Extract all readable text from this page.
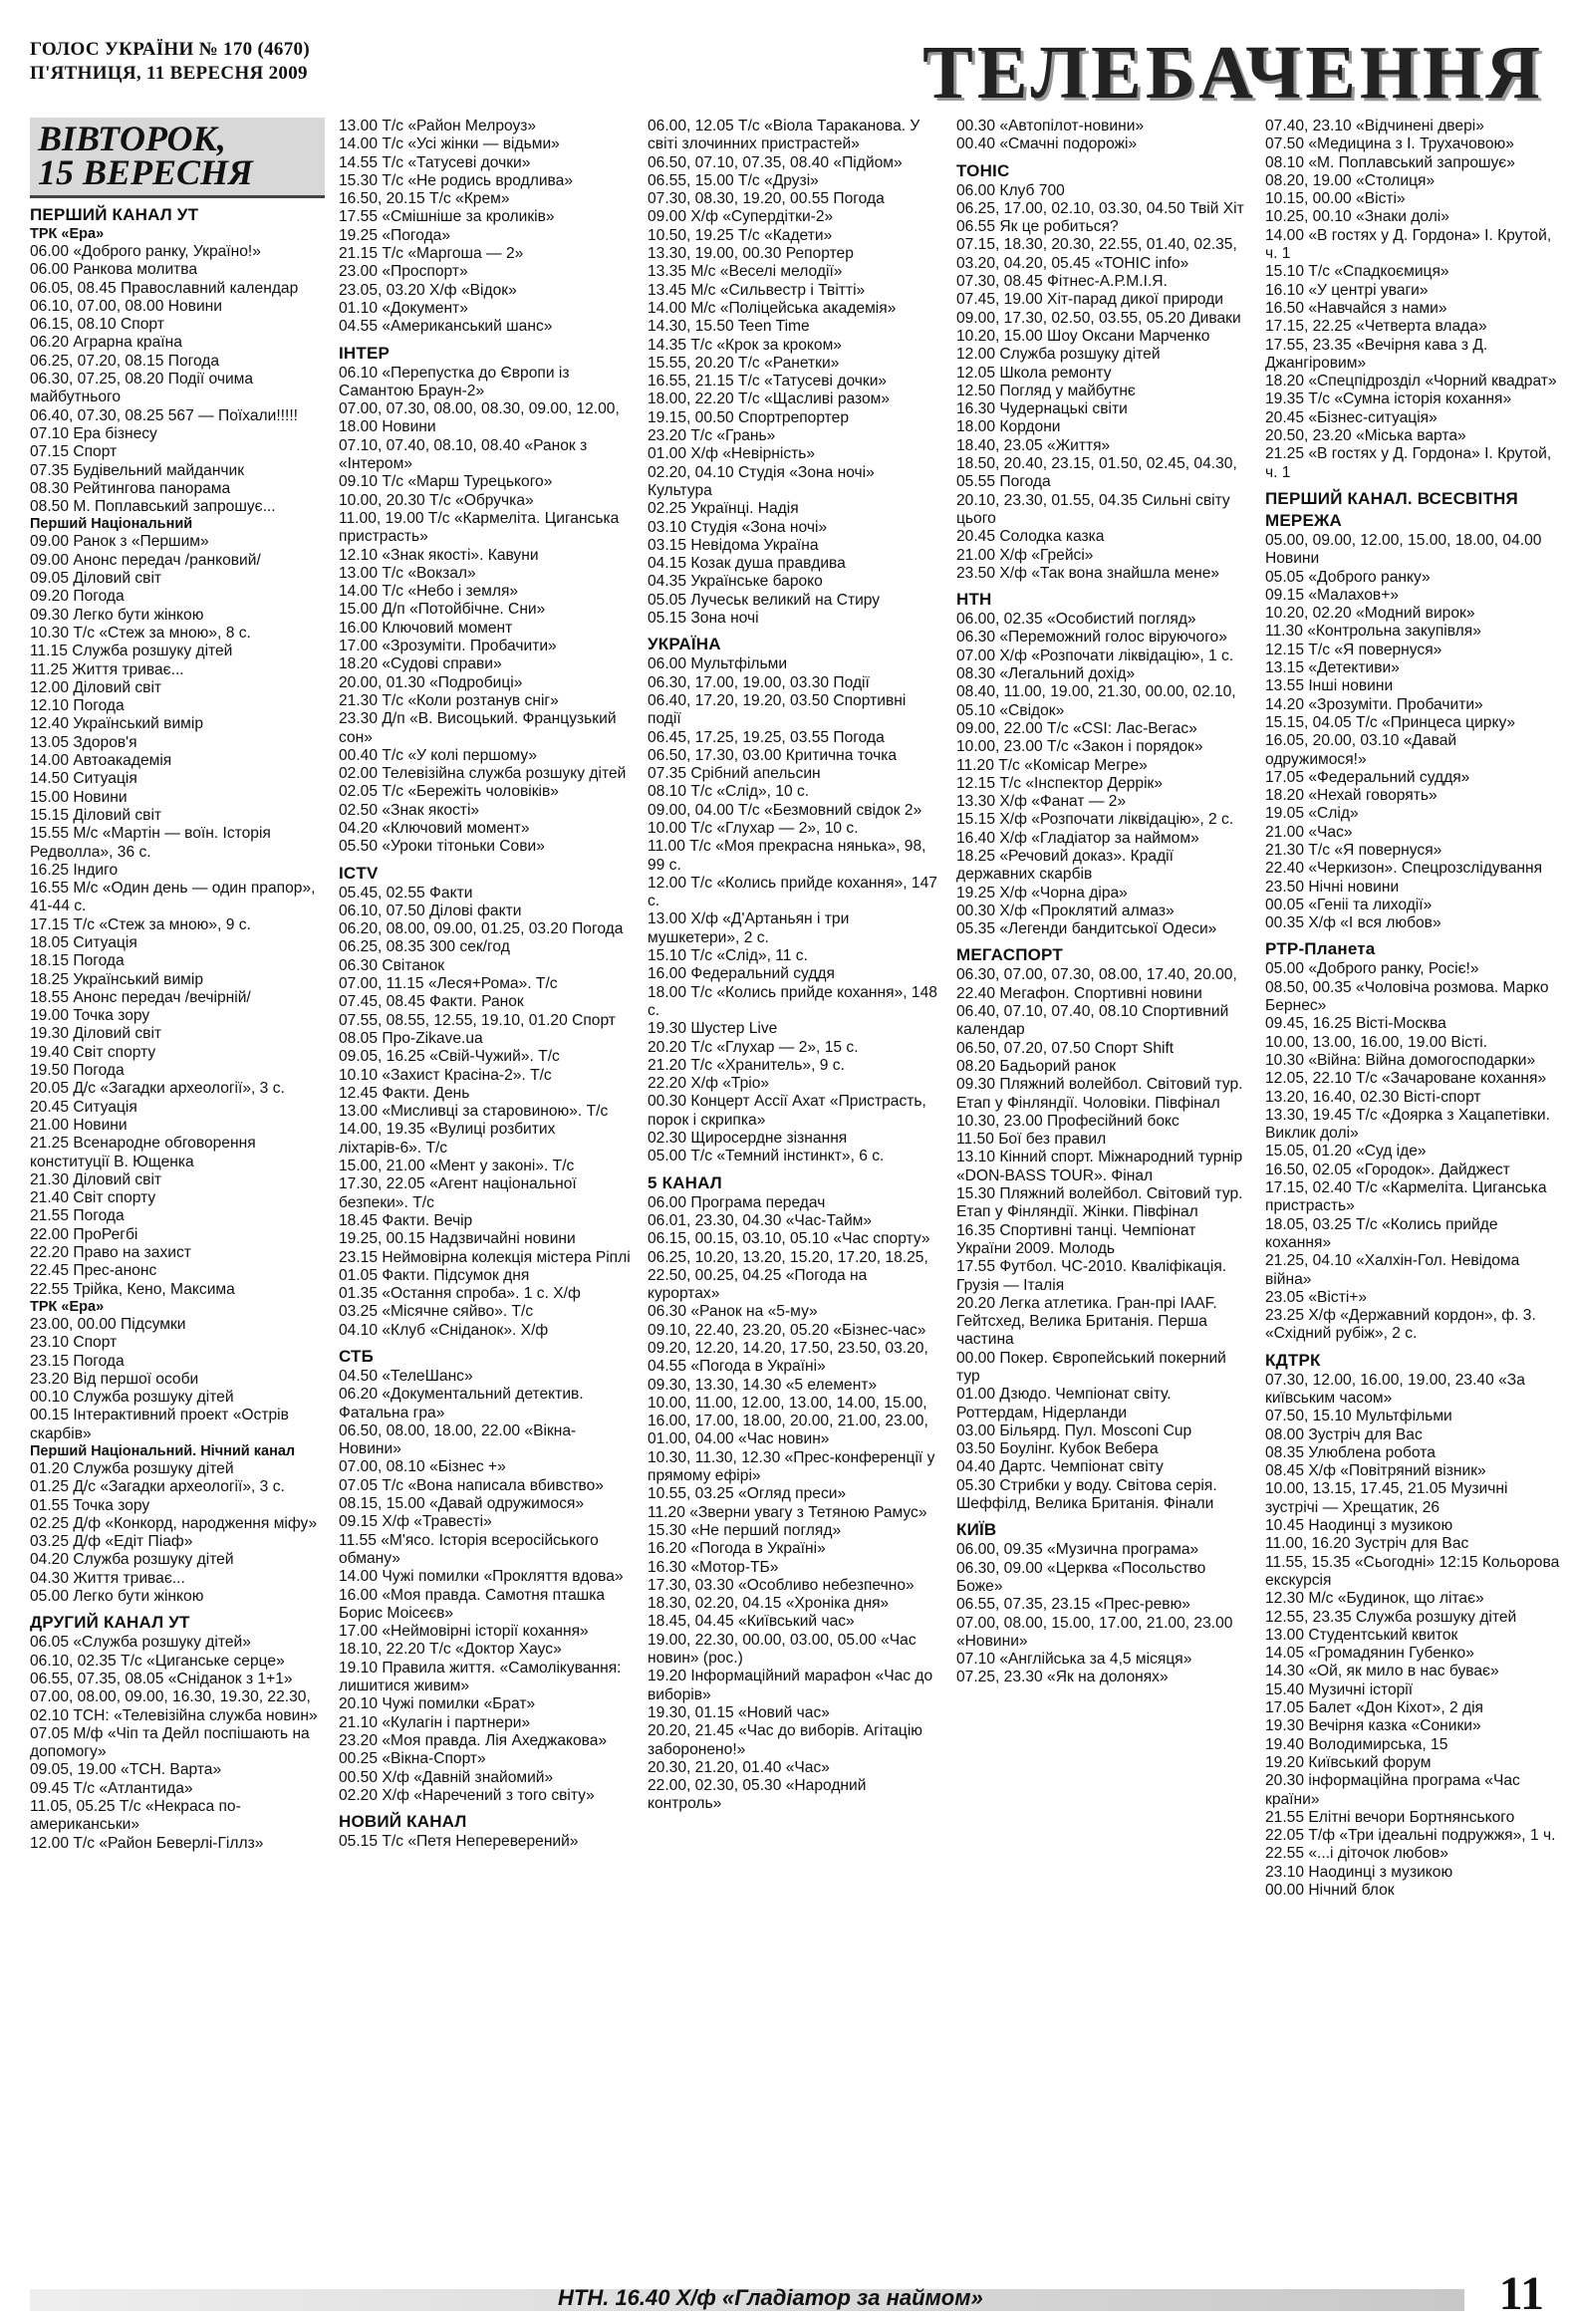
ГОЛОС УКРАЇНИ № 170 (4670)
П'ЯТНИЦЯ, 11 ВЕРЕСНЯ 2009	ТЕЛЕБАЧЕННЯ
ВІВТОРОК,
15 ВЕРЕСНЯ
ПЕРШИЙ КАНАЛ УТ
ТРК «Ера»
06.00 «Доброго ранку, Україно!»
06.00 Ранкова молитва
06.05, 08.45 Православний календар
06.10, 07.00, 08.00 Новини
06.15, 08.10 Спорт
06.20 Аграрна країна
06.25, 07.20, 08.15 Погода
06.30, 07.25, 08.20 Події очима майбутнього
06.40, 07.30, 08.25 567 — Поїхали!!!!!
07.10 Ера бізнесу
07.15 Спорт
07.35 Будівельний майданчик
08.30 Рейтингова панорама
08.50 М. Поплавський запрошує...
Перший Національний
09.00 Ранок з «Першим»
09.00 Анонс передач /ранковий/
09.05 Діловий світ
09.20 Погода
09.30 Легко бути жінкою
10.30 Т/с «Стеж за мною», 8 с.
11.15 Служба розшуку дітей
11.25 Життя триває...
12.00 Діловий світ
12.10 Погода
12.40 Український вимір
13.05 Здоров'я
14.00 Автоакадемія
14.50 Ситуація
15.00 Новини
15.15 Діловий світ
15.55 М/с «Мартін — воїн. Історія Редволла», 36 с.
16.25 Індиго
16.55 М/с «Один день — один прапор», 41-44 с.
17.15 Т/с «Стеж за мною», 9 с.
18.05 Ситуація
18.15 Погода
18.25 Український вимір
18.55 Анонс передач /вечірній/
19.00 Точка зору
19.30 Діловий світ
19.40 Світ спорту
19.50 Погода
20.05 Д/с «Загадки археології», 3 с.
20.45 Ситуація
21.00 Новини
21.25 Всенародне обговорення конституції В. Ющенка
21.30 Діловий світ
21.40 Світ спорту
21.55 Погода
22.00 ПроРегбі
22.20 Право на захист
22.45 Прес-анонс
22.55 Трійка, Кено, Максима
ТРК «Ера»
23.00, 00.00 Підсумки
23.10 Спорт
23.15 Погода
23.20 Від першої особи
00.10 Служба розшуку дітей
00.15 Інтерактивний проект «Острів скарбів»
Перший Національний. Нічний канал
01.20 Служба розшуку дітей
01.25 Д/с «Загадки археології», 3 с.
01.55 Точка зору
02.25 Д/ф «Конкорд, народження міфу»
03.25 Д/ф «Едіт Піаф»
04.20 Служба розшуку дітей
04.30 Життя триває...
05.00 Легко бути жінкою
ДРУГИЙ КАНАЛ УТ
06.05 «Служба розшуку дітей»
06.10, 02.35 Т/с «Циганське серце»
06.55, 07.35, 08.05 «Сніданок з 1+1»
07.00, 08.00, 09.00, 16.30, 19.30, 22.30, 02.10 ТСН: «Телевізійна служба новин»
07.05 М/ф «Чіп та Дейл поспішають на допомогу»
09.05, 19.00 «ТСН. Варта»
09.45 Т/с «Атлантида»
11.05, 05.25 Т/с «Некраса по-американськи»
12.00 Т/с «Район Беверлі-Гіллз»
13.00 Т/с «Район Мелроуз»
14.00 Т/с «Усі жінки — відьми»
14.55 Т/с «Татусеві дочки»
15.30 Т/с «Не родись вродлива»
16.50, 20.15 Т/с «Крем»
17.55 «Смішніше за кроликів»
19.25 «Погода»
21.15 Т/с «Маргоша — 2»
23.00 «Проспорт»
23.05, 03.20 Х/ф «Відок»
01.10 «Документ»
04.55 «Американський шанс»
ІНТЕР
06.10 «Перепустка до Європи із Самантою Браун-2»
07.00, 07.30, 08.00, 08.30, 09.00, 12.00, 18.00 Новини
07.10, 07.40, 08.10, 08.40 «Ранок з «Інтером»
09.10 Т/с «Марш Турецького»
10.00, 20.30 Т/с «Обручка»
11.00, 19.00 Т/с «Кармеліта. Циганська пристрасть»
12.10 «Знак якості». Кавуни
13.00 Т/с «Вокзал»
14.00 Т/с «Небо і земля»
15.00 Д/п «Потойбічне. Сни»
16.00 Ключовий момент
17.00 «Зрозуміти. Пробачити»
18.20 «Судові справи»
20.00, 01.30 «Подробиці»
21.30 Т/с «Коли розтанув сніг»
23.30 Д/п «В. Висоцький. Французький сон»
00.40 Т/с «У колі першому»
02.00 Телевізійна служба розшуку дітей
02.05 Т/с «Бережіть чоловіків»
02.50 «Знак якості»
04.20 «Ключовий момент»
05.50 «Уроки тітоньки Сови»
ICTV
05.45, 02.55 Факти
06.10, 07.50 Ділові факти
06.20, 08.00, 09.00, 01.25, 03.20 Погода
06.25, 08.35 300 сек/год
06.30 Світанок
07.00, 11.15 «Леся+Рома». Т/с
07.45, 08.45 Факти. Ранок
07.55, 08.55, 12.55, 19.10, 01.20 Спорт
08.05 Про-Zikave.ua
09.05, 16.25 «Свій-Чужий». Т/с
10.10 «Захист Красіна-2». Т/с
12.45 Факти. День
13.00 «Мисливці за старовиною». Т/с
14.00, 19.35 «Вулиці розбитих ліхтарів-6». Т/с
15.00, 21.00 «Мент у законі». Т/с
17.30, 22.05 «Агент національної безпеки». Т/с
18.45 Факти. Вечір
19.25, 00.15 Надзвичайні новини
23.15 Неймовірна колекція містера Ріплі
01.05 Факти. Підсумок дня
01.35 «Остання спроба». 1 с. Х/ф
03.25 «Місячне сяйво». Т/с
04.10 «Клуб «Сніданок». Х/ф
СТБ
04.50 «ТелеШанс»
06.20 «Документальний детектив. Фатальна гра»
06.50, 08.00, 18.00, 22.00 «Вікна-Новини»
07.00, 08.10 «Бізнес +»
07.05 Т/с «Вона написала вбивство»
08.15, 15.00 «Давай одружимося»
09.15 Х/ф «Травесті»
11.55 «М'ясо. Історія всеросійського обману»
14.00 Чужі помилки «Прокляття вдова»
16.00 «Моя правда. Самотня пташка Борис Моісеєв»
17.00 «Неймовірні історії кохання»
18.10, 22.20 Т/с «Доктор Хаус»
19.10 Правила життя. «Самолікування: лишитися живим»
20.10 Чужі помилки «Брат»
21.10 «Кулагін і партнери»
23.20 «Моя правда. Лія Ахеджакова»
00.25 «Вікна-Спорт»
00.50 Х/ф «Давній знайомий»
02.20 Х/ф «Наречений з того світу»
НОВИЙ КАНАЛ
05.15 Т/с «Петя Непереверений»
06.00, 12.05 Т/с «Віола Тараканова. У світі злочинних пристрастей»
06.50, 07.10, 07.35, 08.40 «Підйом»
06.55, 15.00 Т/с «Друзі»
07.30, 08.30, 19.20, 00.55 Погода
09.00 Х/ф «Супердітки-2»
10.50, 19.25 Т/с «Кадети»
13.30, 19.00, 00.30 Репортер
13.35 М/с «Веселі мелодії»
13.45 М/с «Сильвестр і Твітті»
14.00 М/с «Поліцейська академія»
14.30, 15.50 Teen Time
14.35 Т/с «Крок за кроком»
15.55, 20.20 Т/с «Ранетки»
16.55, 21.15 Т/с «Татусеві дочки»
18.00, 22.20 Т/с «Щасливі разом»
19.15, 00.50 Спортрепортер
23.20 Т/с «Грань»
01.00 Х/ф «Невірність»
02.20, 04.10 Студія «Зона ночі» Культура
02.25 Українці. Надія
03.10 Студія «Зона ночі»
03.15 Невідома Україна
04.15 Козак душа правдива
04.35 Українське бароко
05.05 Лучеськ великий на Стиру
05.15 Зона ночі
УКРАЇНА
06.00 Мультфільми
06.30, 17.00, 19.00, 03.30 Події
06.40, 17.20, 19.20, 03.50 Спортивні події
06.45, 17.25, 19.25, 03.55 Погода
06.50, 17.30, 03.00 Критична точка
07.35 Срібний апельсин
08.10 Т/с «Слід», 10 с.
09.00, 04.00 Т/с «Безмовний свідок 2»
10.00 Т/с «Глухар — 2», 10 с.
11.00 Т/с «Моя прекрасна нянька», 98, 99 с.
12.00 Т/с «Колись прийде кохання», 147 с.
13.00 Х/ф «Д'Артаньян і три мушкетери», 2 с.
15.10 Т/с «Слід», 11 с.
16.00 Федеральний суддя
18.00 Т/с «Колись прийде кохання», 148 с.
19.30 Шустер Live
20.20 Т/с «Глухар — 2», 15 с.
21.20 Т/с «Хранитель», 9 с.
22.20 Х/ф «Тріо»
00.30 Концерт Ассії Ахат «Пристрасть, порок і скрипка»
02.30 Щиросердне зізнання
05.00 Т/с «Темний інстинкт», 6 с.
5 КАНАЛ
06.00 Програма передач
06.01, 23.30, 04.30 «Час-Тайм»
06.15, 00.15, 03.10, 05.10 «Час спорту»
06.25, 10.20, 13.20, 15.20, 17.20, 18.25, 22.50, 00.25, 04.25 «Погода на курортах»
06.30 «Ранок на «5-му»
09.10, 22.40, 23.20, 05.20 «Бізнес-час»
09.20, 12.20, 14.20, 17.50, 23.50, 03.20, 04.55 «Погода в Україні»
09.30, 13.30, 14.30 «5 елемент»
10.00, 11.00, 12.00, 13.00, 14.00, 15.00, 16.00, 17.00, 18.00, 20.00, 21.00, 23.00, 01.00, 04.00 «Час новин»
10.30, 11.30, 12.30 «Прес-конференції у прямому ефірі»
10.55, 03.25 «Огляд преси»
11.20 «Зверни увагу з Тетяною Рамус»
15.30 «Не перший погляд»
16.20 «Погода в Україні»
16.30 «Мотор-ТБ»
17.30, 03.30 «Особливо небезпечно»
18.30, 02.20, 04.15 «Хроніка дня»
18.45, 04.45 «Київський час»
19.00, 22.30, 00.00, 03.00, 05.00 «Час новин» (рос.)
19.20 Інформаційний марафон «Час до виборів»
19.30, 01.15 «Новий час»
20.20, 21.45 «Час до виборів. Агітацію заборонено!»
20.30, 21.20, 01.40 «Час»
22.00, 02.30, 05.30 «Народний контроль»
00.30 «Автопілот-новини»
00.40 «Смачні подорожі»
ТОНІС
06.00 Клуб 700
06.25, 17.00, 02.10, 03.30, 04.50 Твій Хіт
06.55 Як це робиться?
07.15, 18.30, 20.30, 22.55, 01.40, 02.35, 03.20, 04.20, 05.45 «ТОНІС info»
07.30, 08.45 Фітнес-А.Р.М.І.Я.
07.45, 19.00 Хіт-парад дикої природи
09.00, 17.30, 02.50, 03.55, 05.20 Диваки
10.20, 15.00 Шоу Оксани Марченко
12.00 Служба розшуку дітей
12.05 Школа ремонту
12.50 Погляд у майбутнє
16.30 Чудернацькі світи
18.00 Кордони
18.40, 23.05 «Життя»
18.50, 20.40, 23.15, 01.50, 02.45, 04.30, 05.55 Погода
20.10, 23.30, 01.55, 04.35 Сильні світу цього
20.45 Солодка казка
21.00 Х/ф «Грейсі»
23.50 Х/ф «Так вона знайшла мене»
НТН
06.00, 02.35 «Особистий погляд»
06.30 «Переможний голос віруючого»
07.00 Х/ф «Розпочати ліквідацію», 1 с.
08.30 «Легальний дохід»
08.40, 11.00, 19.00, 21.30, 00.00, 02.10, 05.10 «Свідок»
09.00, 22.00 Т/с «CSI: Лас-Вегас»
10.00, 23.00 Т/с «Закон і порядок»
11.20 Т/с «Комісар Мегре»
12.15 Т/с «Інспектор Деррік»
13.30 Х/ф «Фанат — 2»
15.15 Х/ф «Розпочати ліквідацію», 2 с.
16.40 Х/ф «Гладіатор за наймом»
18.25 «Речовий доказ». Крадії державних скарбів
19.25 Х/ф «Чорна діра»
00.30 Х/ф «Проклятий алмаз»
05.35 «Легенди бандитської Одеси»
МЕГАСПОРТ
06.30, 07.00, 07.30, 08.00, 17.40, 20.00, 22.40 Мегафон. Спортивні новини
06.40, 07.10, 07.40, 08.10 Спортивний календар
06.50, 07.20, 07.50 Спорт Shift
08.20 Бадьорий ранок
09.30 Пляжний волейбол. Світовий тур. Етап у Фінляндії. Чоловіки. Півфінал
10.30, 23.00 Професійний бокс
11.50 Бої без правил
13.10 Кінний спорт. Міжнародний турнір «DON-BASS TOUR». Фінал
15.30 Пляжний волейбол. Світовий тур. Етап у Фінляндії. Жінки. Півфінал
16.35 Спортивні танці. Чемпіонат України 2009. Молодь
17.55 Футбол. ЧС-2010. Кваліфікація. Грузія — Італія
20.20 Легка атлетика. Гран-прі IAAF. Гейтсхед, Велика Британія. Перша частина
00.00 Покер. Європейський покерний тур
01.00 Дзюдо. Чемпіонат світу. Роттердам, Нідерланди
03.00 Більярд. Пул. Mosconi Cup
03.50 Боулінг. Кубок Вебера
04.40 Дартс. Чемпіонат світу
05.30 Стрибки у воду. Світова серія. Шеффілд, Велика Британія. Фінали
КИЇВ
06.00, 09.35 «Музична програма»
06.30, 09.00 «Церква «Посольство Боже»
06.55, 07.35, 23.15 «Прес-ревю»
07.00, 08.00, 15.00, 17.00, 21.00, 23.00 «Новини»
07.10 «Англійська за 4,5 місяця»
07.25, 23.30 «Як на долонях»
07.40, 23.10 «Відчинені двері»
07.50 «Медицина з І. Трухачовою»
08.10 «М. Поплавський запрошує»
08.20, 19.00 «Столиця»
10.15, 00.00 «Вісті»
10.25, 00.10 «Знаки долі»
14.00 «В гостях у Д. Гордона» І. Крутой, ч. 1
15.10 Т/с «Спадкоємиця»
16.10 «У центрі уваги»
16.50 «Навчайся з нами»
17.15, 22.25 «Четверта влада»
17.55, 23.35 «Вечірня кава з Д. Джангіровим»
18.20 «Спецпідрозділ «Чорний квадрат»
19.35 Т/с «Сумна історія кохання»
20.45 «Бізнес-ситуація»
20.50, 23.20 «Міська варта»
21.25 «В гостях у Д. Гордона» І. Крутой, ч. 1
ПЕРШИЙ КАНАЛ. ВСЕСВІТНЯ МЕРЕЖА
05.00, 09.00, 12.00, 15.00, 18.00, 04.00 Новини
05.05 «Доброго ранку»
09.15 «Малахов+»
10.20, 02.20 «Модний вирок»
11.30 «Контрольна закупівля»
12.15 Т/с «Я повернуся»
13.15 «Детективи»
13.55 Інші новини
14.20 «Зрозуміти. Пробачити»
15.15, 04.05 Т/с «Принцеса цирку»
16.05, 20.00, 03.10 «Давай одружимося!»
17.05 «Федеральний суддя»
18.20 «Нехай говорять»
19.05 «Слід»
21.00 «Час»
21.30 Т/с «Я повернуся»
22.40 «Черкизон». Спецрозслідування
23.50 Нічні новини
00.05 «Геніі та лиходії»
00.35 Х/ф «І вся любов»
РТР-Планета
05.00 «Доброго ранку, Росіє!»
08.50, 00.35 «Чоловіча розмова. Марко Бернес»
09.45, 16.25 Вісті-Москва
10.00, 13.00, 16.00, 19.00 Вісті.
10.30 «Війна: Війна домогосподарки»
12.05, 22.10 Т/с «Зачароване кохання»
13.20, 16.40, 02.30 Вісті-спорт
13.30, 19.45 Т/с «Доярка з Хацапетівки. Виклик долі»
15.05, 01.20 «Суд іде»
16.50, 02.05 «Городок». Дайджест
17.15, 02.40 Т/с «Кармеліта. Циганська пристрасть»
18.05, 03.25 Т/с «Колись прийде кохання»
21.25, 04.10 «Халхін-Гол. Невідома війна»
23.05 «Вісті+»
23.25 Х/ф «Державний кордон», ф. 3. «Східний рубіж», 2 с.
КДТРК
07.30, 12.00, 16.00, 19.00, 23.40 «За київським часом»
07.50, 15.10 Мультфільми
08.00 Зустріч для Вас
08.35 Улюблена робота
08.45 Х/ф «Повітряний візник»
10.00, 13.15, 17.45, 21.05 Музичні зустрічі — Хрещатик, 26
10.45 Наодинці з музикою
11.00, 16.20 Зустріч для Вас
11.55, 15.35 «Сьогодні» 12:15 Кольорова екскурсія
12.30 М/с «Будинок, що літає»
12.55, 23.35 Служба розшуку дітей
13.00 Студентський квиток
14.05 «Громадянин Губенко»
14.30 «Ой, як мило в нас буває»
15.40 Музичні історії
17.05 Балет «Дон Кіхот», 2 дія
19.30 Вечірня казка «Соники»
19.40 Володимирська, 15
19.20 Київський форум
20.30 інформаційна програма «Час країни»
21.55 Елітні вечори Бортнянського
22.05 Т/ф «Три ідеальні подружжя», 1 ч.
22.55 «...і діточок любов»
23.10 Наодинці з музикою
00.00 Нічний блок
НТН. 16.40 Х/ф «Гладіатор за наймом»	11
